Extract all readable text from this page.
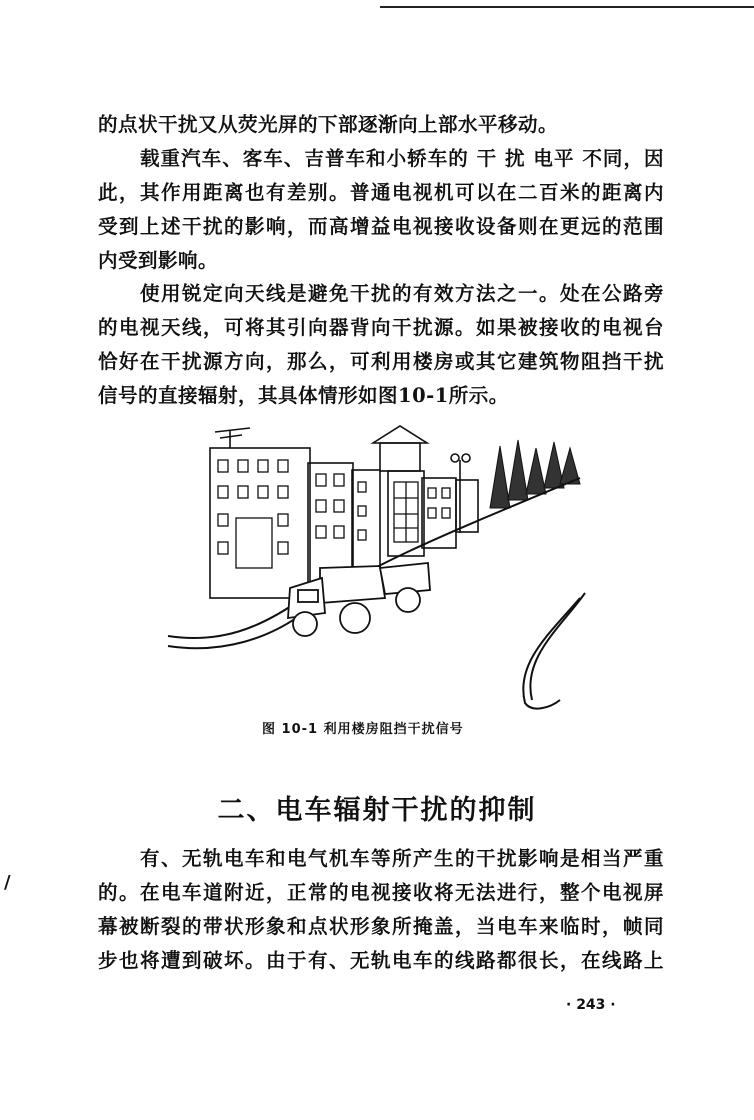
的点状干扰又从荧光屏的下部逐渐向上部水平移动。
载重汽车、客车、吉普车和小轿车的 干 扰 电平 不同，因
此，其作用距离也有差别。普通电视机可以在二百米的距离内
受到上述干扰的影响，而高增益电视接收设备则在更远的范围
内受到影响。
使用锐定向天线是避免干扰的有效方法之一。处在公路旁
的电视天线，可将其引向器背向干扰源。如果被接收的电视台
恰好在干扰源方向，那么，可利用楼房或其它建筑物阻挡干扰
信号的直接辐射，其具体情形如图10-1所示。
图 10-1 利用楼房阻挡干扰信号
二、电车辐射干扰的抑制
/
有、无轨电车和电气机车等所产生的干扰影响是相当严重
的。在电车道附近，正常的电视接收将无法进行，整个电视屏
幕被断裂的带状形象和点状形象所掩盖，当电车来临时，帧同
步也将遭到破坏。由于有、无轨电车的线路都很长，在线路上
· 243 ·
